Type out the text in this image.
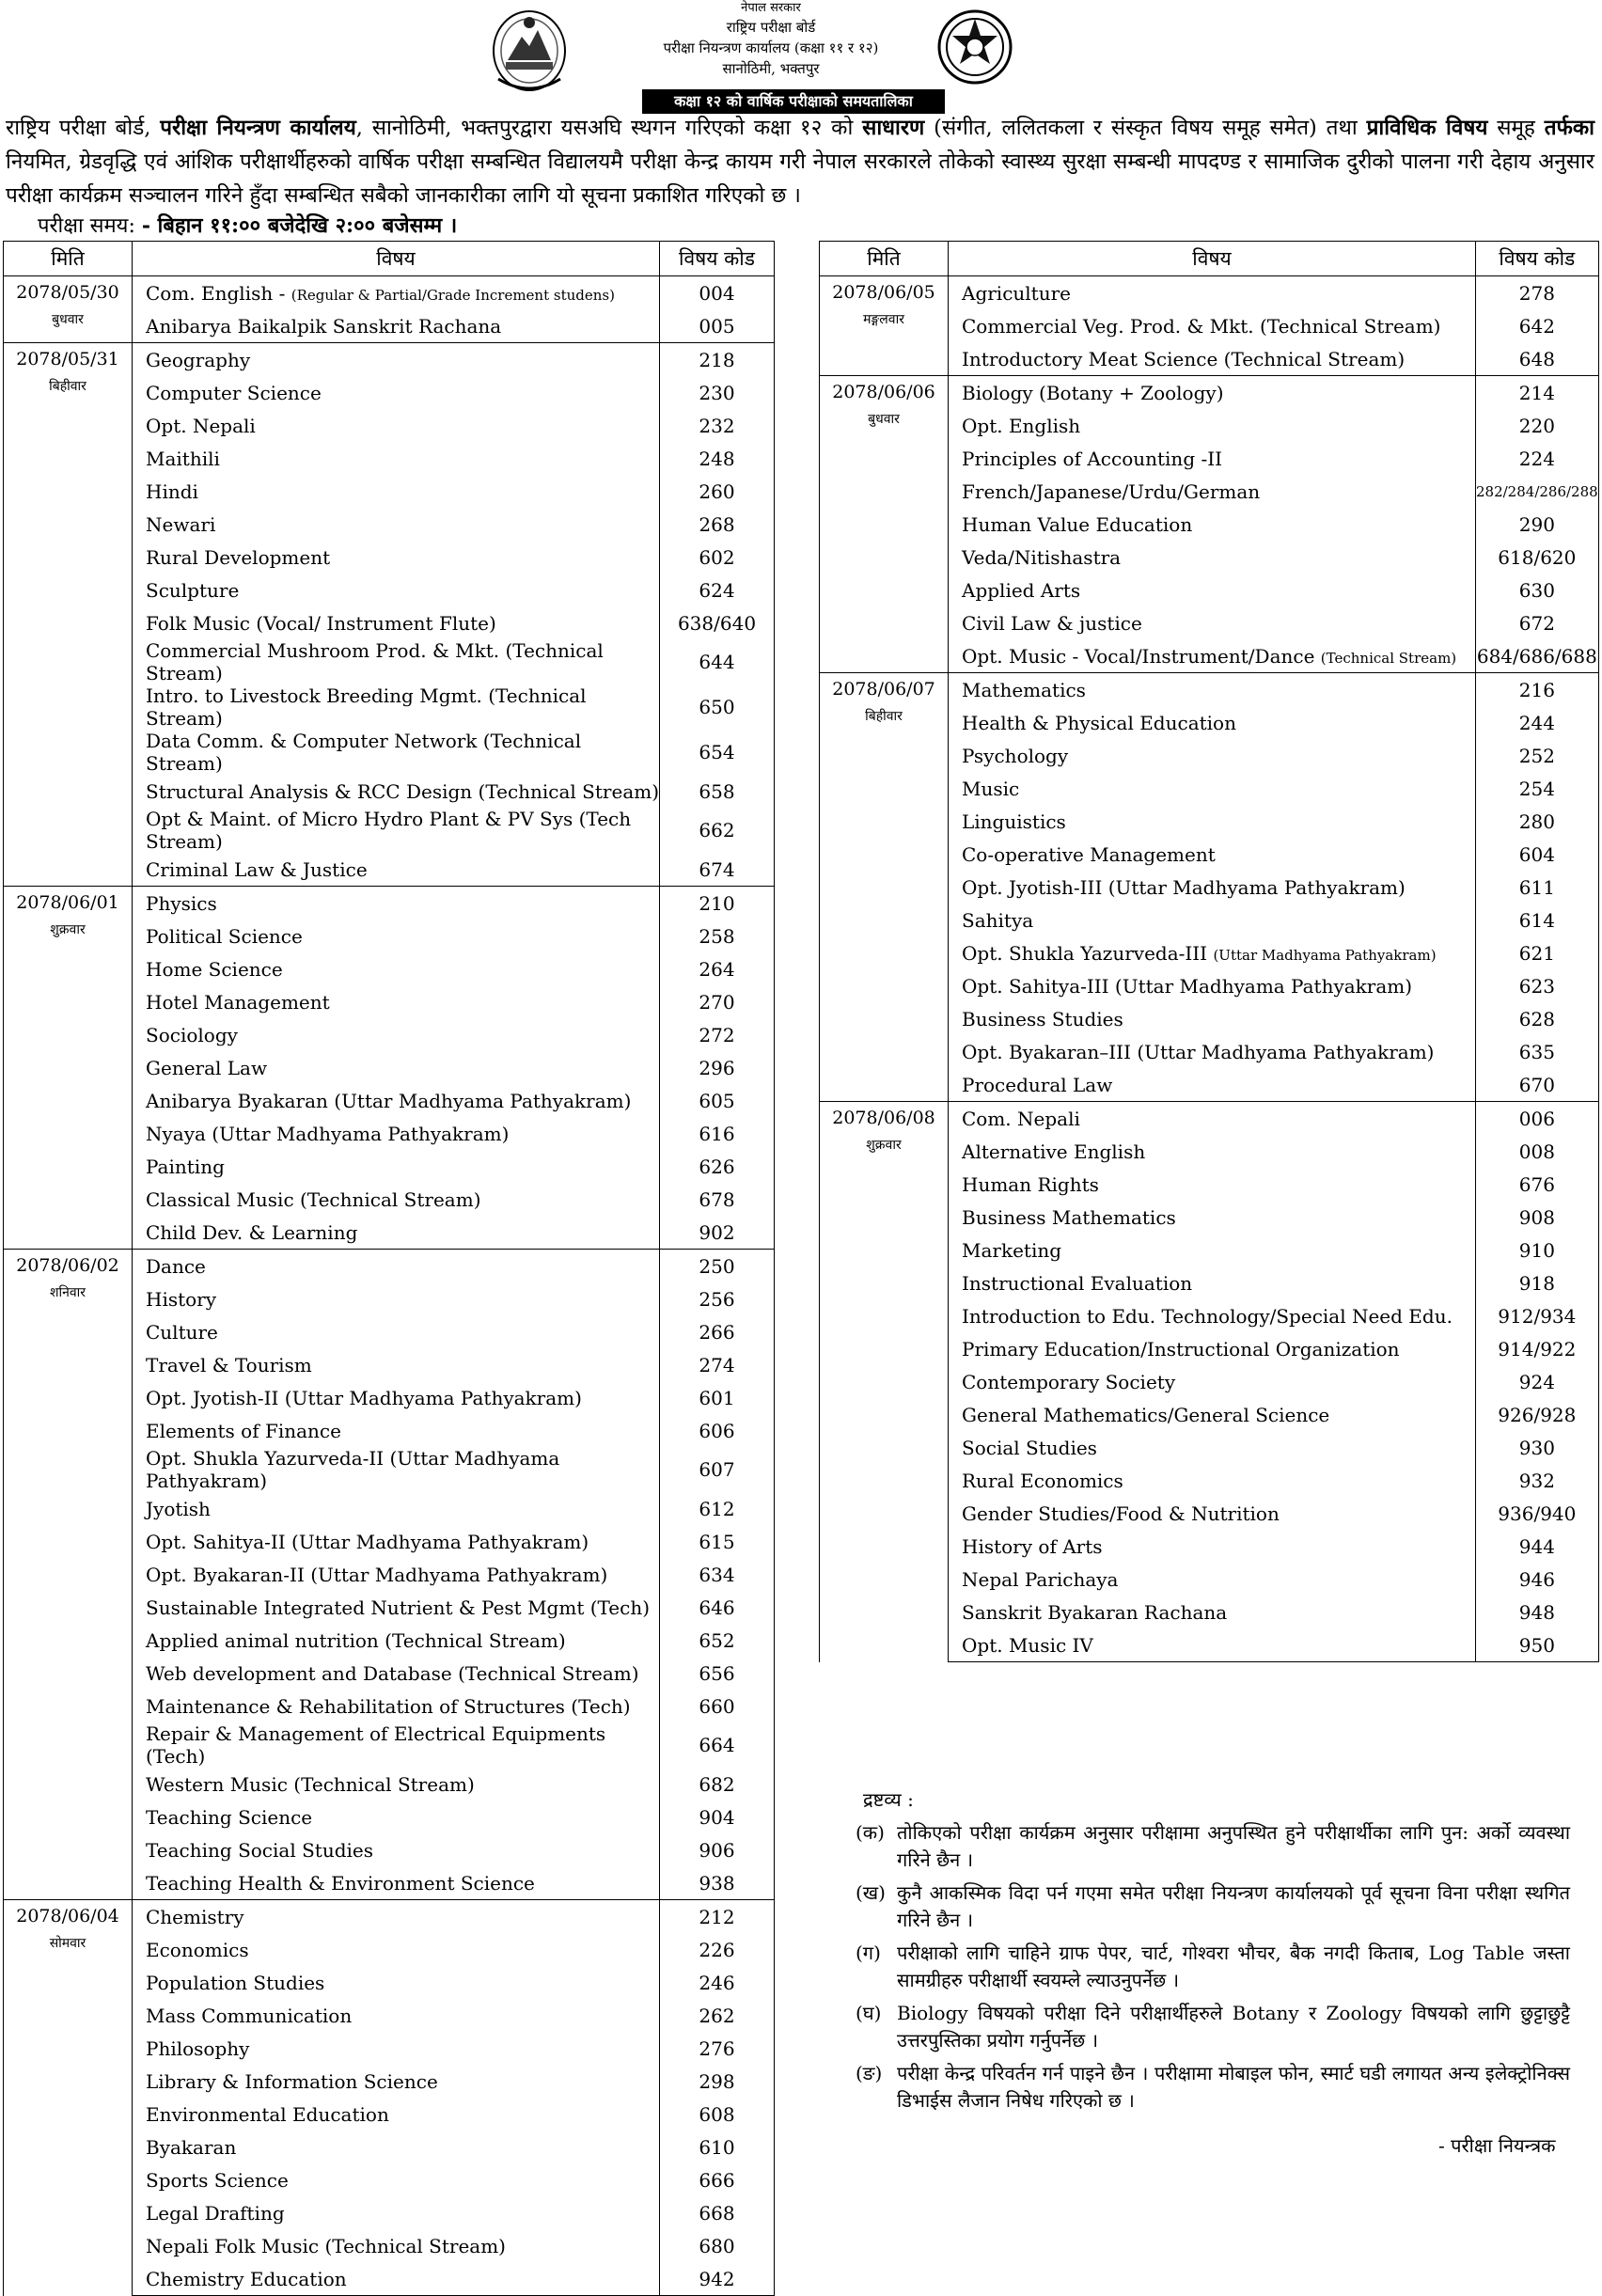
नेपाल सरकार
राष्ट्रिय परीक्षा बोर्ड
परीक्षा नियन्त्रण कार्यालय (कक्षा ११ र १२)
सानोठिमी, भक्तपुर
कक्षा १२ को वार्षिक परीक्षाको समयतालिका
राष्ट्रिय परीक्षा बोर्ड, परीक्षा नियन्त्रण कार्यालय, सानोठिमी, भक्तपुरद्वारा यसअघि स्थगन गरिएको कक्षा १२ को साधारण (संगीत, ललितकला र संस्कृत विषय समूह समेत) तथा प्राविधिक विषय समूह तर्फका नियमित, ग्रेडवृद्धि एवं आंशिक परीक्षार्थीहरुको वार्षिक परीक्षा सम्बन्धित विद्यालयमै परीक्षा केन्द्र कायम गरी नेपाल सरकारले तोकेको स्वास्थ्य सुरक्षा सम्बन्धी मापदण्ड र सामाजिक दुरीको पालना गरी देहाय अनुसार परीक्षा कार्यक्रम सञ्चालन गरिने हुँदा सम्बन्धित सबैको जानकारीका लागि यो सूचना प्रकाशित गरिएको छ ।
परीक्षा समय: - बिहान ११:०० बजेदेखि २:०० बजेसम्म ।
मिति	विषय	विषय कोड

2078/05/30
बुधवार	Com. English - (Regular & Partial/Grade Increment studens)	004
	Anibarya Baikalpik Sanskrit Rachana	005

2078/05/31
बिहीवार	Geography	218
	Computer Science	230
	Opt. Nepali	232
	Maithili	248
	Hindi	260
	Newari	268
	Rural Development	602
	Sculpture	624
	Folk Music (Vocal/ Instrument Flute)	638/640
	Commercial Mushroom Prod. & Mkt. (Technical Stream)	644
	Intro. to Livestock Breeding Mgmt. (Technical Stream)	650
	Data Comm. & Computer Network (Technical Stream)	654
	Structural Analysis & RCC Design (Technical Stream)	658
	Opt & Maint. of Micro Hydro Plant & PV Sys (Tech Stream)	662
	Criminal Law & Justice	674

2078/06/01
शुक्रवार	Physics	210
	Political Science	258
	Home Science	264
	Hotel Management	270
	Sociology	272
	General Law	296
	Anibarya Byakaran (Uttar Madhyama Pathyakram)	605
	Nyaya (Uttar Madhyama Pathyakram)	616
	Painting	626
	Classical Music (Technical Stream)	678
	Child Dev. & Learning	902

2078/06/02
शनिवार	Dance	250
	History	256
	Culture	266
	Travel & Tourism	274
	Opt. Jyotish-II (Uttar Madhyama Pathyakram)	601
	Elements of Finance	606
	Opt. Shukla Yazurveda-II (Uttar Madhyama Pathyakram)	607
	Jyotish	612
	Opt. Sahitya-II (Uttar Madhyama Pathyakram)	615
	Opt. Byakaran-II (Uttar Madhyama Pathyakram)	634
	Sustainable Integrated Nutrient & Pest Mgmt (Tech)	646
	Applied animal nutrition (Technical Stream)	652
	Web development and Database (Technical Stream)	656
	Maintenance & Rehabilitation of Structures (Tech)	660
	Repair & Management of Electrical Equipments (Tech)	664
	Western Music (Technical Stream)	682
	Teaching Science	904
	Teaching Social Studies	906
	Teaching Health & Environment Science	938

2078/06/04
सोमवार	Chemistry	212
	Economics	226
	Population Studies	246
	Mass Communication	262
	Philosophy	276
	Library & Information Science	298
	Environmental Education	608
	Byakaran	610
	Sports Science	666
	Legal Drafting	668
	Nepali Folk Music (Technical Stream)	680
	Chemistry Education	942
मिति	विषय	विषय कोड

2078/06/05
मङ्गलवार	Agriculture	278
	Commercial Veg. Prod. & Mkt. (Technical Stream)	642
	Introductory Meat Science (Technical Stream)	648

2078/06/06
बुधवार	Biology (Botany + Zoology)	214
	Opt. English	220
	Principles of Accounting -II	224
	French/Japanese/Urdu/German	282/284/286/288
	Human Value Education	290
	Veda/Nitishastra	618/620
	Applied Arts	630
	Civil Law & justice	672
	Opt. Music - Vocal/Instrument/Dance (Technical Stream)	684/686/688

2078/06/07
बिहीवार	Mathematics	216
	Health & Physical Education	244
	Psychology	252
	Music	254
	Linguistics	280
	Co-operative Management	604
	Opt. Jyotish-III (Uttar Madhyama Pathyakram)	611
	Sahitya	614
	Opt. Shukla Yazurveda-III (Uttar Madhyama Pathyakram)	621
	Opt. Sahitya-III (Uttar Madhyama Pathyakram)	623
	Business Studies	628
	Opt. Byakaran–III (Uttar Madhyama Pathyakram)	635
	Procedural Law	670

2078/06/08
शुक्रवार	Com. Nepali	006
	Alternative English	008
	Human Rights	676
	Business Mathematics	908
	Marketing	910
	Instructional Evaluation	918
	Introduction to Edu. Technology/Special Need Edu.	912/934
	Primary Education/Instructional Organization	914/922
	Contemporary Society	924
	General Mathematics/General Science	926/928
	Social Studies	930
	Rural Economics	932
	Gender Studies/Food & Nutrition	936/940
	History of Arts	944
	Nepal Parichaya	946
	Sanskrit Byakaran Rachana	948
	Opt. Music IV	950
द्रष्टव्य :
(क) तोकिएको परीक्षा कार्यक्रम अनुसार परीक्षामा अनुपस्थित हुने परीक्षार्थीका लागि पुन: अर्को व्यवस्था गरिने छैन ।
(ख) कुनै आकस्मिक विदा पर्न गएमा समेत परीक्षा नियन्त्रण कार्यालयको पूर्व सूचना विना परीक्षा स्थगित गरिने छैन ।
(ग) परीक्षाको लागि चाहिने ग्राफ पेपर, चार्ट, गोश्वरा भौचर, बैक नगदी किताब, Log Table जस्ता सामग्रीहरु परीक्षार्थी स्वयम्ले ल्याउनुपर्नेछ ।
(घ) Biology विषयको परीक्षा दिने परीक्षार्थीहरुले Botany र Zoology विषयको लागि छुट्टाछुट्टै उत्तरपुस्तिका प्रयोग गर्नुपर्नेछ ।
(ङ) परीक्षा केन्द्र परिवर्तन गर्न पाइने छैन । परीक्षामा मोबाइल फोन, स्मार्ट घडी लगायत अन्य इलेक्ट्रोनिक्स डिभाईस लैजान निषेध गरिएको छ ।
- परीक्षा नियन्त्रक
